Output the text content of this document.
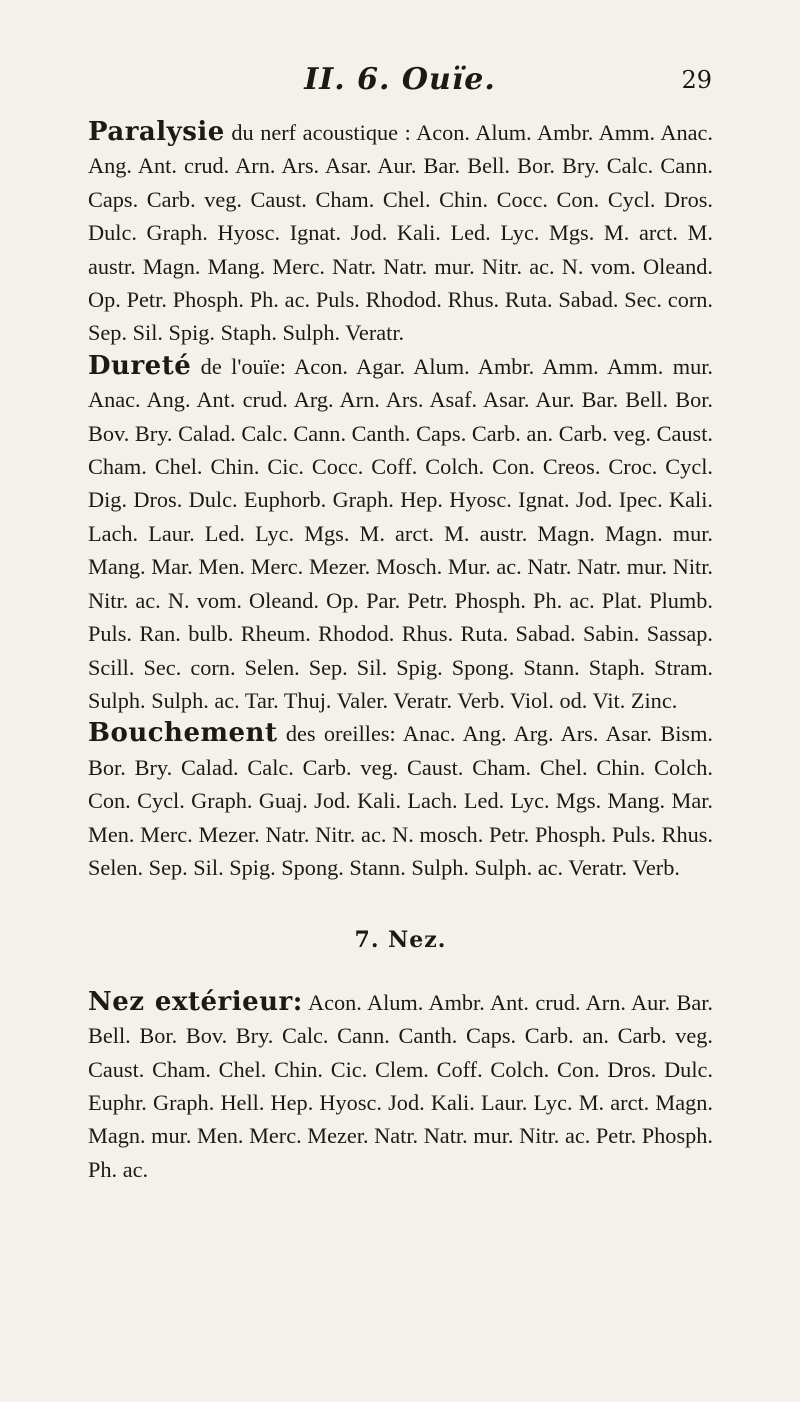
II. 6. Ouïe.	29

Paralysie du nerf acoustique : Acon. Alum. Ambr. Amm. Anac. Ang. Ant. crud. Arn. Ars. Asar. Aur. Bar. Bell. Bor. Bry. Calc. Cann. Caps. Carb. veg. Caust. Cham. Chel. Chin. Cocc. Con. Cycl. Dros. Dulc. Graph. Hyosc. Ignat. Jod. Kali. Led. Lyc. Mgs. M. arct. M. austr. Magn. Mang. Merc. Natr. Natr. mur. Nitr. ac. N. vom. Oleand. Op. Petr. Phosph. Ph. ac. Puls. Rhodod. Rhus. Ruta. Sabad. Sec. corn. Sep. Sil. Spig. Staph. Sulph. Veratr.

Dureté de l'ouïe: Acon. Agar. Alum. Ambr. Amm. Amm. mur. Anac. Ang. Ant. crud. Arg. Arn. Ars. Asaf. Asar. Aur. Bar. Bell. Bor. Bov. Bry. Calad. Calc. Cann. Canth. Caps. Carb. an. Carb. veg. Caust. Cham. Chel. Chin. Cic. Cocc. Coff. Colch. Con. Creos. Croc. Cycl. Dig. Dros. Dulc. Euphorb. Graph. Hep. Hyosc. Ignat. Jod. Ipec. Kali. Lach. Laur. Led. Lyc. Mgs. M. arct. M. austr. Magn. Magn. mur. Mang. Mar. Men. Merc. Mezer. Mosch. Mur. ac. Natr. Natr. mur. Nitr. Nitr. ac. N. vom. Oleand. Op. Par. Petr. Phosph. Ph. ac. Plat. Plumb. Puls. Ran. bulb. Rheum. Rhodod. Rhus. Ruta. Sabad. Sabin. Sassap. Scill. Sec. corn. Selen. Sep. Sil. Spig. Spong. Stann. Staph. Stram. Sulph. Sulph. ac. Tar. Thuj. Valer. Veratr. Verb. Viol. od. Vit. Zinc.

Bouchement des oreilles: Anac. Ang. Arg. Ars. Asar. Bism. Bor. Bry. Calad. Calc. Carb. veg. Caust. Cham. Chel. Chin. Colch. Con. Cycl. Graph. Guaj. Jod. Kali. Lach. Led. Lyc. Mgs. Mang. Mar. Men. Merc. Mezer. Natr. Nitr. ac. N. mosch. Petr. Phosph. Puls. Rhus. Selen. Sep. Sil. Spig. Spong. Stann. Sulph. Sulph. ac. Veratr. Verb.

7. Nez.

Nez extérieur: Acon. Alum. Ambr. Ant. crud. Arn. Aur. Bar. Bell. Bor. Bov. Bry. Calc. Cann. Canth. Caps. Carb. an. Carb. veg. Caust. Cham. Chel. Chin. Cic. Clem. Coff. Colch. Con. Dros. Dulc. Euphr. Graph. Hell. Hep. Hyosc. Jod. Kali. Laur. Lyc. M. arct. Magn. Magn. mur. Men. Merc. Mezer. Natr. Natr. mur. Nitr. ac. Petr. Phosph. Ph. ac.
